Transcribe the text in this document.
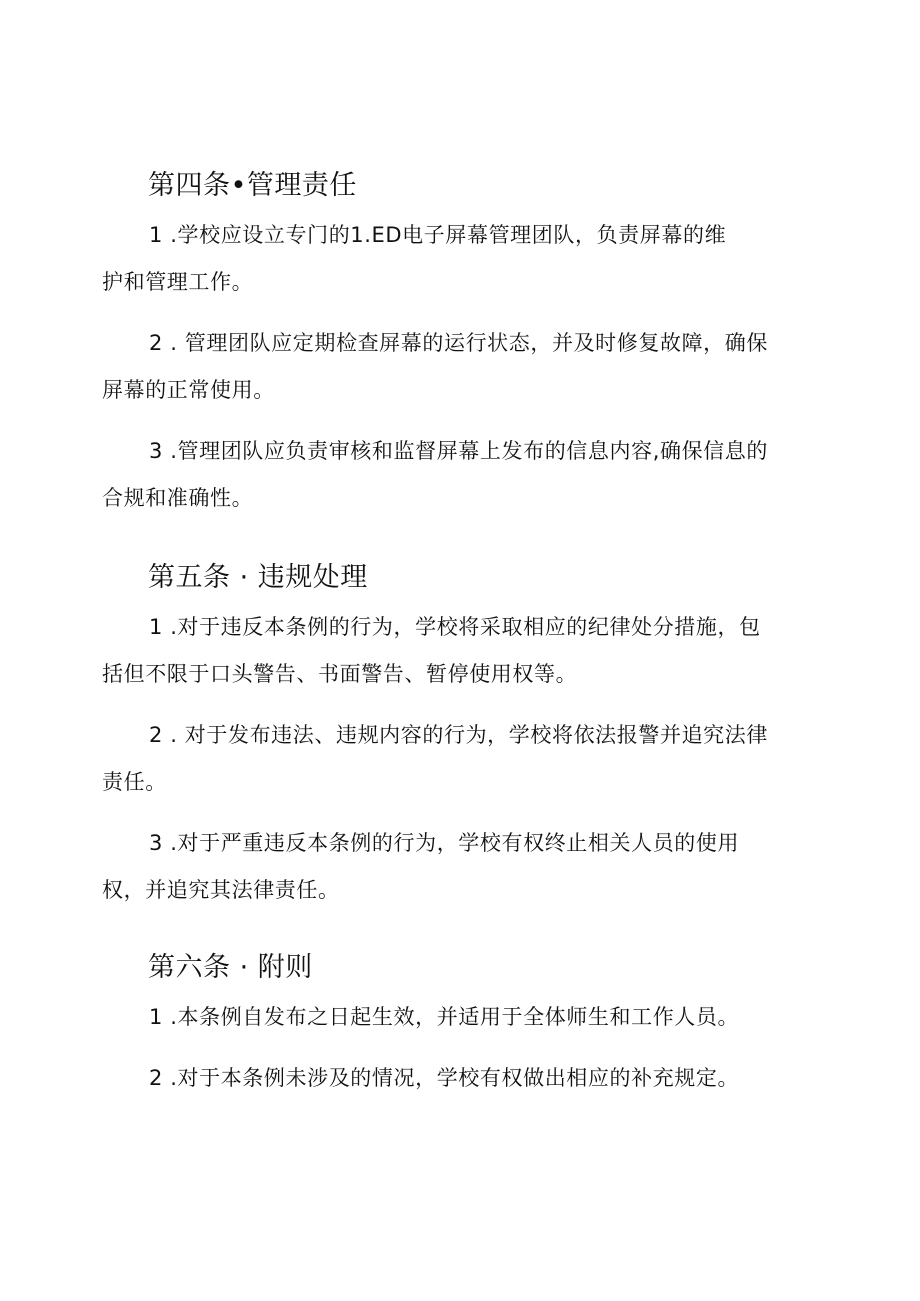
第四条•管理责任

1 .学校应设立专门的1.ED电子屏幕管理团队，负责屏幕的维
护和管理工作。

2 . 管理团队应定期检查屏幕的运行状态，并及时修复故障，确保
屏幕的正常使用。

3 .管理团队应负责审核和监督屏幕上发布的信息内容,确保信息的
合规和准确性。

第五条 · 违规处理

1 .对于违反本条例的行为，学校将采取相应的纪律处分措施，包
括但不限于口头警告、书面警告、暂停使用权等。

2 . 对于发布违法、违规内容的行为，学校将依法报警并追究法律
责任。

3 .对于严重违反本条例的行为，学校有权终止相关人员的使用
权，并追究其法律责任。

第六条 · 附则

1 .本条例自发布之日起生效，并适用于全体师生和工作人员。

2 .对于本条例未涉及的情况，学校有权做出相应的补充规定。
